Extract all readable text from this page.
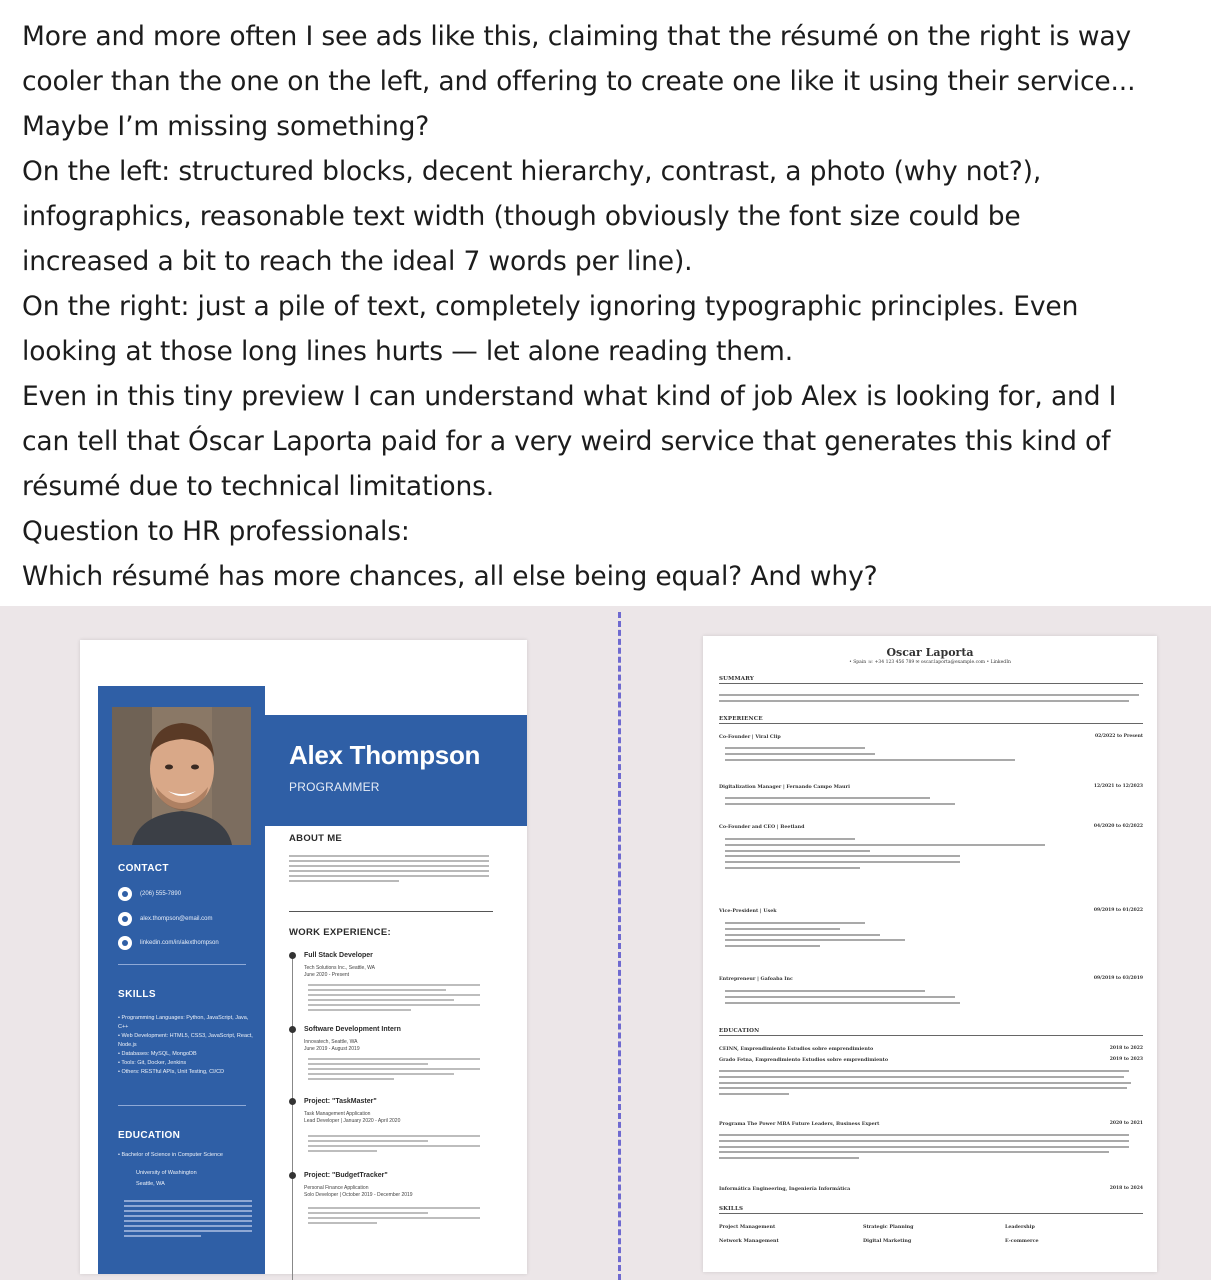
More and more often I see ads like this, claiming that the résumé on the right is way

cooler than the one on the left, and offering to create one like it using their service...

Maybe I’m missing something?

On the left: structured blocks, decent hierarchy, contrast, a photo (why not?),

infographics, reasonable text width (though obviously the font size could be

increased a bit to reach the ideal 7 words per line).

On the right: just a pile of text, completely ignoring typographic principles. Even

looking at those long lines hurts — let alone reading them.

Even in this tiny preview I can understand what kind of job Alex is looking for, and I

can tell that Óscar Laporta paid for a very weird service that generates this kind of

résumé due to technical limitations.

Question to HR professionals:

Which résumé has more chances, all else being equal? And why?

Alex Thompson
PROGRAMMER
CONTACT
(206) 555-7890
alex.thompson@email.com
linkedin.com/in/alexthompson
SKILLS
• Programming Languages: Python, JavaScript, Java, C++
• Web Development: HTML5, CSS3, JavaScript, React, Node.js
• Databases: MySQL, MongoDB
• Tools: Git, Docker, Jenkins
• Others: RESTful APIs, Unit Testing, CI/CD
EDUCATION
• Bachelor of Science in Computer Science
University of Washington
Seattle, WA
ABOUT ME
WORK EXPERIENCE:
Full Stack Developer
Tech Solutions Inc., Seattle, WA
June 2020 - Present
Software Development Intern
Innovatech, Seattle, WA
June 2019 - August 2019
Project: "TaskMaster"
Task Management Application
Lead Developer | January 2020 - April 2020
Project: "BudgetTracker"
Personal Finance Application
Solo Developer | October 2019 - December 2019
Oscar Laporta
• Spain ☏ +34 123 456 789 ✉ oscar.laporta@example.com • LinkedIn
SUMMARY
EXPERIENCE
Co-Founder | Viral Clip	02/2022 to Present
Digitalization Manager | Fernando Campo Mauri	12/2021 to 12/2023
Co-Founder and CEO | Beetland	04/2020 to 02/2022
Vice-President | Usek	09/2019 to 01/2022
Entrepreneur | Gafoaba Inc	09/2019 to 03/2019
EDUCATION
CEINN, Emprendimiento Estudios sobre emprendimiento	2018 to 2022
Grado Fetna, Emprendimiento Estudios sobre emprendimiento	2019 to 2023
Programa The Power MBA Future Leaders, Business Expert	2020 to 2021
Informática Engineering, Ingeniería Informática	2018 to 2024
SKILLS
Project Management	Strategic Planning	Leadership
Network Management	Digital Marketing	E-commerce
